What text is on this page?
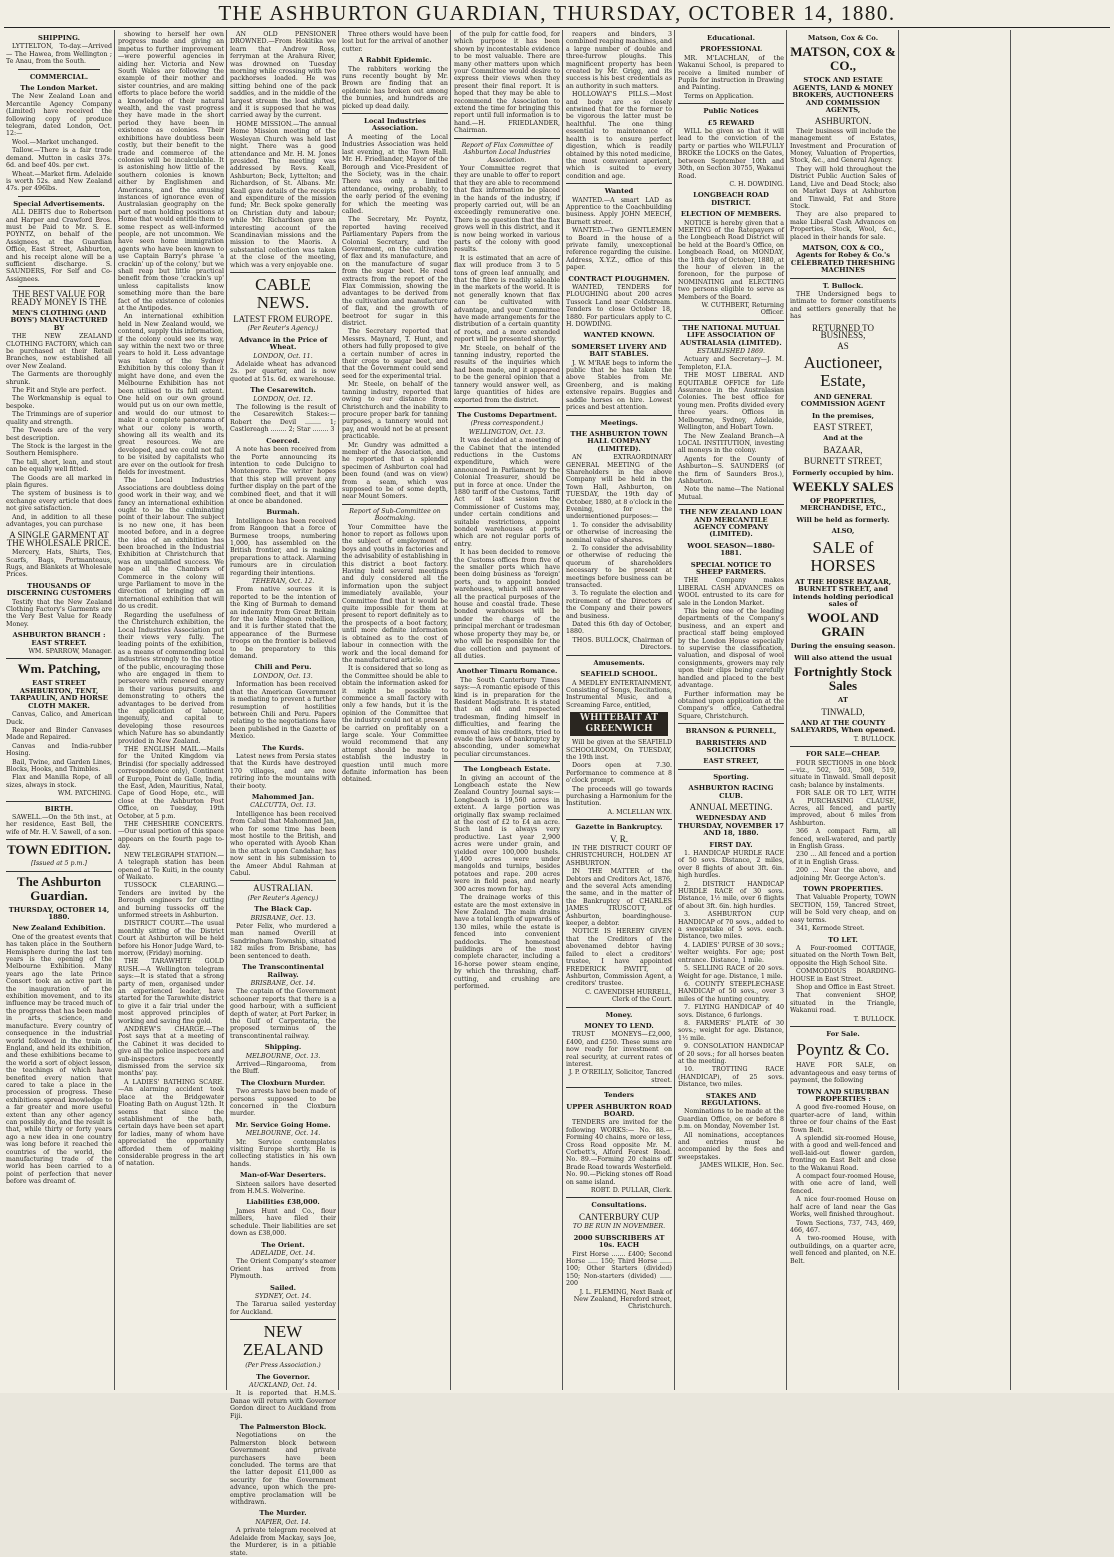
THE ASHBURTON GUARDIAN, THURSDAY, OCTOBER 14, 1880.
SHIPPING.

LYTTELTON, To-day.—Arrived — The Hawea, from Wellington ; Te Anau, from the South.

COMMERCIAL.
The London Market.

The New Zealand Loan and Mercantile Agency Company (Limited) have received the following copy of produce telegram, dated London, Oct. 12:—

Wool.—Market unchanged.

Tallow.—There is a fair trade demand. Mutton in casks 37s. 6d. and beef 40s. per cwt.

Wheat.—Market firm. Adelaide is worth 52s. and New Zealand 47s. per 496lbs.

Special Advertisements.

ALL DEBTS due to Robertson and Harper and Crawford Bros. must be Paid to Mr. S. E. POYNTZ, on behalf of the Assignees, at the Guardian Office, East Street, Ashburton, and his receipt alone will be a sufficient discharge. S. SAUNDERS, For Self and Co-Assignees.

THE BEST VALUE FOR READY MONEY IS THE
MEN'S CLOTHING (AND BOYS') MANUFACTURED BY

THE NEW ZEALAND CLOTHING FACTORY, which can be purchased at their Retail Branches, now established all over New Zealand.

The Garments are thoroughly shrunk.

The Fit and Style are perfect.

The Workmanship is equal to bespoke.

The Trimmings are of superior quality and strength.

The Tweeds are of the very best description.

The Stock is the largest in the Southern Hemisphere.

The tall, short, lean, and stout can be equally well fitted.

The Goods are all marked in plain figures.

The system of business is to exchange every article that does not give satisfaction.

And, in addition to all these advantages, you can purchase

A SINGLE GARMENT AT THE WHOLESALE PRICE.

Mercery, Hats, Shirts, Ties, Scarfs, Bags, Portmanteaus, Rugs, and Blankets at Wholesale Prices.

THOUSANDS OF DISCERNING CUSTOMERS

Testify that the New Zealand Clothing Factory's Garments are the Very Best Value for Ready Money.

ASHBURTON BRANCH : EAST STREET.
WM. SPARROW, Manager.
Wm. Patching,
EAST STREET ASHBURTON, TENT, TARPAULIN, AND HORSE CLOTH MAKER.

Canvas, Calico, and American Duck.

Reaper and Binder Canvases Made and Repaired.

Canvas and India-rubber Hosing.

Bail, Twine, and Garden Lines, Blocks, Hooks, and Thimbles.

Flax and Manilla Rope, of all sizes, always in stock.

WM. PATCHING.
BIRTH.

SAWELL.—On the 5th inst., at her residence, East Bell, the wife of Mr. H. V. Sawell, of a son.

TOWN EDITION.
[Issued at 5 p.m.]
The Ashburton Guardian.
THURSDAY, OCTOBER 14, 1880.
New Zealand Exhibition.

One of the greatest events that has taken place in the Southern Hemisphere during the last ten years is the opening of the Melbourne Exhibition. Many years ago the late Prince Consort took an active part in the inauguration of the exhibition movement, and to its influence may be traced much of the progress that has been made in arts, science, and manufacture. Every country of consequence in the industrial world followed in the train of England, and held its exhibition, and these exhibitions became to the world a sort of object lesson, the teachings of which have benefited every nation that cared to take a place in the procession of progress. These exhibitions spread knowledge to a far greater and more useful extent than any other agency can possibly do, and the result is that, while thirty or forty years ago a new idea in one country was long before it reached the countries of the world, the manufacturing trade of the world has been carried to a point of perfection that never before was dreamt of.

showing to herself her own progress made and giving an impetus to further improvement—were powerful agencies in aiding her. Victoria and New South Wales are following the example of their mother and sister countries, and are making efforts to place before the world a knowledge of their natural wealth, and the vast progress they have made in the short period they have been in existence as colonies. Their exhibitions have doubtless been costly, but their benefit to the trade and commerce of the colonies will be incalculable. It is astonishing how little of the southern colonies is known either by Englishmen and Americans, and the amusing instances of ignorance even of Australasian geography on the part of men holding positions at Home that would entitle them to some respect as well-informed people, are not uncommon. We have seen home immigration agents who have been known to use Captain Barry's phrase 'a crackin' up of the colony,' but we shall reap but little practical benefit from those 'crackin's up' unless capitalists know something more than the bare fact of the existence of colonies at the Antipodes.

An international exhibition held in New Zealand would, we contend, supply this information, if the colony could see its way, say within the next two or three years to hold it. Less advantage was taken of the Sydney Exhibition by this colony than it might have done, and even the Melbourne Exhibition has not been utilised to its full extent. One held on our own ground would put us on our own mettle, and would do our utmost to make it a complete panorama of what our colony is worth, showing all its wealth and its great resources. We are developed, and we could not fail to be visited by capitalists who are ever on the outlook for fresh fields for investment.

The Local Industries Associations are doubtless doing good work in their way, and we fancy an international exhibition ought to be the culminating point of their labour. The subject is no new one, it has been mooted before, and in a degree the idea of an exhibition has been broached in the Industrial Exhibition at Christchurch that was an unqualified success. We hope all the Chambers of Commerce in the colony will urge Parliament to move in the direction of bringing off an international exhibition that will do us credit.

Regarding the usefulness of the Christchurch exhibition, the Local Industries Association put their views very fully. The leading points of the exhibition, as a means of commending local industries strongly to the notice of the public, encouraging those who are engaged in them to persevere with renewed energy in their various pursuits, and demonstrating to others the advantages to be derived from the application of labour, ingenuity, and capital to developing those resources which Nature has so abundantly provided in New Zealand.

THE ENGLISH MAIL.—Mails for the United Kingdom via Brindisi (for specially addressed correspondence only), Continent of Europe, Point de Galle, India, the East, Aden, Mauritius, Natal, Cape of Good Hope, etc., will close at the Ashburton Post Office, on Tuesday, 19th October, at 5 p.m.

THE CHESHIRE CONCERTS.—Our usual portion of this space appears on the fourth page to-day.

NEW TELEGRAPH STATION.—A telegraph station has been opened at Te Kuiti, in the county of Waikato.

TUSSOCK CLEARING.—Tenders are invited by the Borough engineers for cutting and burning tussocks off the unformed streets in Ashburton.

DISTRICT COURT.—The usual monthly sitting of the District Court at Ashburton will be held before his Honor Judge Ward, to-morrow, (Friday) morning.

THE TARAWHITE GOLD RUSH.—A Wellington telegram says:—It is stated that a strong party of men, organised under an experienced leader, have started for the Tarawhite district to give it a fair trial under the most approved principles of working and saving fine gold.

ANDREW'S CHARGE.—The Post says that at a meeting of the Cabinet it was decided to give all the police inspectors and sub-inspectors recently dismissed from the service six months' pay.

A LADIES' BATHING SCARE.—An alarming accident took place at the Bridgewater Floating Bath on August 12th. It seems that since the establishment of the bath, certain days have been set apart for ladies, many of whom have appreciated the opportunity afforded them of making considerable progress in the art of natation.

AN OLD PENSIONER DROWNED.—From Hokitika we learn that Andrew Ross, ferryman at the Arahura River, was drowned on Tuesday morning while crossing with two packhorses loaded. He was sitting behind one of the pack saddles, and in the middle of the largest stream the load shifted, and it is supposed that he was carried away by the current.

HOME MISSION.—The annual Home Mission meeting of the Wesleyan Church was held last night. There was a good attendance and Mr. H. M. Jones presided. The meeting was addressed by Revs. Keall, Ashburton; Beck, Lyttelton; and Richardson, of St. Albans. Mr. Keall gave details of the receipts and expenditure of the mission fund; Mr. Beck spoke generally on Christian duty and labour; while Mr. Richardson gave an interesting account of the Scandinavian missions and the mission to the Maoris. A substantial collection was taken at the close of the meeting, which was a very enjoyable one.

CABLE NEWS.
LATEST FROM EUROPE.
(Per Reuter's Agency.)
Advance in the Price of Wheat.
LONDON, Oct. 11.

Adelaide wheat has advanced 2s. per quarter, and is now quoted at 51s. 6d. ex warehouse.

The Cesarewitch.
LONDON, Oct. 12.

The following is the result of the Cesarewitch Stakes:— Robert the Devil ........ 1; Castlereagh ........ 2; Star ........ 3

Coerced.

A note has been received from the Porte announcing its intention to cede Dulcigno to Montenegro. The writer hopes that this step will prevent any further display on the part of the combined fleet, and that it will at once be abandoned.

Burmah.

Intelligence has been received from Rangoon that a force of Burmese troops, numbering 1,000, has assembled on the British frontier, and is making preparations to attack. Alarming rumours are in circulation regarding their intentions.

TEHERAN, Oct. 12.

From native sources it is reported to be the intention of the King of Burmah to demand an indemnity from Great Britain for the late Mingoon rebellion, and it is further stated that the appearance of the Burmese troops on the frontier is believed to be preparatory to this demand.

Chili and Peru.
LONDON, Oct. 13.

Information has been received that the American Government is mediating to prevent a further resumption of hostilities between Chili and Peru. Papers relating to the negotiations have been published in the Gazette of Mexico.

The Kurds.

Latest news from Persia states that the Kurds have destroyed 170 villages, and are now retiring into the mountains with their booty.

Mahommed Jan.
CALCUTTA, Oct. 13.

Intelligence has been received from Cabul that Mahommed Jan, who for some time has been most hostile to the British, and who operated with Ayoob Khan in the attack upon Candahar, has now sent in his submission to the Ameer Abdul Rahman at Cabul.

AUSTRALIAN.
(Per Reuter's Agency.)
The Black Cap.
BRISBANE, Oct. 13.

Peter Felix, who murdered a man named Overill at Sandringham Township, situated 182 miles from Brisbane, has been sentenced to death.

The Transcontinental Railway.
BRISBANE, Oct. 14.

The captain of the Government schooner reports that there is a good harbour, with a sufficient depth of water, at Port Parker, in the Gulf of Carpentaria, the proposed terminus of the transcontinental railway.

Shipping.
MELBOURNE, Oct. 13.

Arrived—Ringarooma, from the Bluff.

The Cloxburn Murder.

Two arrests have been made of persons supposed to be concerned in the Cloxburn murder.

Mr. Service Going Home.
MELBOURNE, Oct. 14.

Mr. Service contemplates visiting Europe shortly. He is collecting statistics in his own hands.

Man-of-War Deserters.

Sixteen sailors have deserted from H.M.S. Wolverine.

Liabilities £38,000.

James Hunt and Co., flour millers, have filed their schedule. Their liabilities are set down as £38,000.

The Orient.
ADELAIDE, Oct. 14.

The Orient Company's steamer Orient has arrived from Plymouth.

Sailed.
SYDNEY, Oct. 14.

The Tararua sailed yesterday for Auckland.

NEW ZEALAND
(Per Press Association.)
The Governor.
AUCKLAND, Oct. 14.

It is reported that H.M.S. Danae will return with Governor Gordon direct to Auckland from Fiji.

The Palmerston Block.

Negotiations on the Palmerston block between Government and private purchasers have been concluded. The terms are that the latter deposit £11,000 as security for the Government advance, upon which the pre-emptive proclamation will be withdrawn.

The Murder.
NAPIER, Oct. 14.

A private telegram received at Adelaide from Mackay, says Joe, the Murderer, is in a pitiable state.

Three others would have been lost but for the arrival of another cutter.

A Rabbit Epidemic.

The rabbiters working the runs recently bought by Mr. Brown are finding that an epidemic has broken out among the bunnies, and hundreds are picked up dead daily.

Local Industries Association.

A meeting of the Local Industries Association was held last evening, at the Town Hall. Mr. H. Friedlander, Mayor of the Borough and Vice-President of the Society, was in the chair. There was only a limited attendance, owing, probably, to the early period of the evening for which the meeting was called.

The Secretary, Mr. Poyntz, reported having received Parliamentary Papers from the Colonial Secretary, and the Government, on the cultivation of flax and its manufacture, and on the manufacture of sugar from the sugar beet. He read extracts from the report of the Flax Commission, showing the advantages to be derived from the cultivation and manufacture of flax, and the growth of beetroot for sugar in this district.

The Secretary reported that Messrs. Maynard, T. Hunt, and others had fully proposed to give a certain number of acres in their crops to sugar beet, and that the Government could send seed for the experimental trial.

Mr. Steele, on behalf of the tanning industry, reported that owing to our distance from Christchurch and the inability to procure proper bark for tanning purposes, a tannery would not pay, and would not be at present practicable.

Mr. Gundry was admitted a member of the Association, and he reported that a splendid specimen of Ashburton coal had been found (and was on view) from a seam, which was supposed to be of some depth, near Mount Somers.

Report of Sub-Committee on Bootmaking.

Your Committee have the honor to report as follows upon the subject of employment of boys and youths in factories and the advisability of establishing in this district a boot factory. Having held several meetings and duly considered all the information upon the subject immediately available, your Committee find that it would be quite impossible for them at present to report definitely as to the prospects of a boot factory, until more definite information is obtained as to the cost of labour in connection with the work and the local demand for the manufactured article.

It is considered that so long as the Committee should be able to obtain the information asked for it might be possible to commence a small factory with only a few hands, but it is the opinion of the Committee that the industry could not at present be carried on profitably on a large scale. Your Committee would recommend that any attempt should be made to establish the industry in question until much more definite information has been obtained.

of the pulp for cattle food, for which purpose it has been shown by incontestable evidence to be most valuable. There are many other matters upon which your Committee would desire to express their views when they present their final report. It is hoped that they may be able to recommend the Association to extend the time for bringing this report until full information is to hand.—H. FRIEDLANDER, Chairman.

Report of Flax Committee of Ashburton Local Industries Association.

Your Committee regret that they are unable to offer to report that they are able to recommend that flax information be placed in the hands of the industry, if properly carried out, will be an exceedingly remunerative one. There is no question that the flax grows well in this district, and it is now being worked in various parts of the colony with good results.

It is estimated that an acre of flax will produce from 3 to 5 tons of green leaf annually, and that the fibre is readily saleable in the markets of the world. It is not generally known that flax can be cultivated with advantage, and your Committee have made arrangements for the distribution of a certain quantity of roots, and a more extended report will be presented shortly.

Mr. Steele, on behalf of the tanning industry, reported the results of the inquiries which had been made, and it appeared to be the general opinion that a tannery would answer well, as large quantities of hides are exported from the district.

The Customs Department.
(Press correspondent.)
WELLINGTON, Oct. 13.

It was decided at a meeting of the Cabinet that the intended reductions in the Customs expenditure, which were announced in Parliament by the Colonial Treasurer, should be put in force at once. Under the 1880 tariff of the Customs, Tariff Act of last session the Commissioner of Customs may, under certain conditions and suitable restrictions, appoint bonded warehouses at ports which are not regular ports of entry.

It has been decided to remove the Customs offices from five of the smaller ports which have been doing business as 'foreign' ports, and to appoint bonded warehouses, which will answer all the practical purposes of the house and coastal trade. These bonded warehouses will be under the charge of the principal merchant or tradesman whose property they may be, or who will be responsible for the due collection and payment of all duties.

Another Timaru Romance.

The South Canterbury Times says:—A romantic episode of this kind is in preparation for the Resident Magistrate. It is stated that an old and respected tradesman, finding himself in difficulties, and fearing the removal of his creditors, tried to evade the laws of bankruptcy by absconding, under somewhat peculiar circumstances.

The Longbeach Estate.

In giving an account of the Longbeach estate the New Zealand Country Journal says:—Longbeach is 19,560 acres in extent. A large portion was originally flax swamp reclaimed at the cost of £2 to £4 an acre. Such land is always very productive. Last year 2,900 acres were under grain, and yielded over 100,000 bushels. 1,400 acres were under mangolds and turnips, besides potatoes and rape. 200 acres were in field peas, and nearly 300 acres mown for hay.

The drainage works of this estate are the most extensive in New Zealand. The main drains have a total length of upwards of 130 miles, while the estate is fenced into convenient paddocks. The homestead buildings are of the most complete character, including a 16-horse power steam engine, by which the thrashing, chaff-cutting, and crushing are performed.

reapers and binders, 3 combined reaping machines, and a large number of double and three-furrow ploughs. This magnificent property has been created by Mr. Grigg, and its success is his best credentials as an authority in such matters.

HOLLOWAY'S PILLS.—Most and body are so closely entwined that for the former to be vigorous the latter must be healthful. The one thing essential to maintenance of health is to ensure perfect digestion, which is readily obtained by this noted medicine, the most convenient aperient, which is suited to every condition and age.

Wanted

WANTED.—A smart LAD as Apprentice to the Coachbuilding business. Apply JOHN MEECH, Burnett street.

WANTED.—Two GENTLEMEN to Board in the house of a private family, unexceptional reference regarding the cuisine. Address, X.Y.Z., office of this paper.

CONTRACT PLOUGHMEN.

WANTED, TENDERS for PLOUGHING about 200 acres Tussock Land near Coldstream. Tenders to close October 18, 1880. For particulars apply to C. H. DOWDING.

WANTED KNOWN.
SOMERSET LIVERY AND BAIT STABLES.

J. W. M'RAE begs to inform the public that he has taken the above Stables from Mr. Greenberg, and is making extensive repairs. Buggies and saddle horses on hire. Lowest prices and best attention.

Meetings.
THE ASHBURTON TOWN HALL COMPANY (LIMITED).

AN EXTRAORDINARY GENERAL MEETING of the Shareholders in the above Company will be held in the Town Hall, Ashburton, on TUESDAY, the 19th day of October, 1880, at 8 o'clock in the Evening, for the undermentioned purposes:—

1. To consider the advisability or otherwise of increasing the nominal value of shares.

2. To consider the advisability or otherwise of reducing the quorum of shareholders necessary to be present at meetings before business can be transacted.

3. To regulate the election and retirement of the Directors of the Company and their powers and business.

Dated this 6th day of October, 1880.

THOS. BULLOCK, Chairman of Directors.
Amusements.
SEAFIELD SCHOOL.

A MEDLEY ENTERTAINMENT, Consisting of Songs, Recitations, Instrumental Music, and a Screaming Farce, entitled,

WHITEBAIT AT GREENWICH

Will be given at the SEAFIELD SCHOOLROOM, On TUESDAY, the 19th inst.

Doors open at 7.30. Performance to commence at 8 o'clock prompt.

The proceeds will go towards purchasing a Harmonium for the Institution.

A. MCLELLAN WIX.
Gazette in Bankruptcy.
V. R.

IN THE DISTRICT COURT OF CHRISTCHURCH, HOLDEN AT ASHBURTON.

IN THE MATTER of the Debtors and Creditors Act, 1876, and the several Acts amending the same, and in the matter of the Bankruptcy of CHARLES JAMES TRUSCOTT, of Ashburton, boardinghouse-keeper, a debtor.

NOTICE IS HEREBY GIVEN that the Creditors of the abovenamed debtor having failed to elect a creditors' trustee, I have appointed FREDERICK PAVITT, of Ashburton, Commission Agent, a creditors' trustee.

C. CAVENDISH HURRELL, Clerk of the Court.
Money.
MONEY TO LEND.

TRUST MONEYS—£2,000, £400, and £250. These sums are now ready for investment on real security, at current rates of interest.

J. P. O'REILLY, Solicitor, Tancred street.
Tenders
UPPER ASHBURTON ROAD BOARD.

TENDERS are invited for the following WORKS:— No. 88.—Forming 40 chains, more or less, Cross Road opposite Mr. M. Corbett's, Alford Forest Road. No. 89.—Forming 20 chains off Brade Road towards Westerfield. No. 90.—Picking stones off Road on same island.

ROBT. D. PULLAR, Clerk.
Consultations.
CANTERBURY CUP
TO BE RUN IN NOVEMBER.
2000 SUBSCRIBERS AT 10s. EACH

First Horse ....... £400; Second Horse ..... 150; Third Horse ...... 100; Other Starters (divided) 150; Non-starters (divided) ...... 200

J. L. FLEMING, Next Bank of New Zealand, Hereford street, Christchurch.
Educational.
PROFESSIONAL

MR. M'LACHLAN, of the Wakanui School, is prepared to receive a limited number of Pupils for instruction in Drawing and Painting.

Terms on Application.

Public Notices
£5 REWARD

WILL be given so that it will lead to the conviction of the party or parties who WILFULLY BROKE the LOCKS on the Gates, between September 10th and 30th, on Section 30755, Wakanui Road.

C. H. DOWDING.
LONGBEACH ROAD DISTRICT.
ELECTION OF MEMBERS.

NOTICE is hereby given that a MEETING of the Ratepayers of the Longbeach Road District will be held at the Board's Office, on Longbeach Road, on MONDAY, the 18th day of October, 1880, at the hour of eleven in the forenoon, for the purpose of NOMINATING and ELECTING two persons eligible to serve as Members of the Board.

W. CUTHBERT, Returning Officer.
THE NATIONAL MUTUAL LIFE ASSOCIATION OF AUSTRALASIA (LIMITED).
ESTABLISHED 1869.

Actuary and Secretary—J. M. Templeton, F.I.A.

THE MOST LIBERAL AND EQUITABLE OFFICE for Life Assurance in the Australasian Colonies. The best office for young men. Profits divided every three years. Offices in Melbourne, Sydney, Adelaide, Wellington, and Hobart Town.

The New Zealand Branch—A LOCAL INSTITUTION, investing all moneys in the colony.

Agents for the County of Ashburton—S. SAUNDERS (of the firm of Saunders Bros.), Ashburton.

Note the name—The National Mutual.

THE NEW ZEALAND LOAN AND MERCANTILE AGENCY COMPANY (LIMITED).
WOOL SEASON—1880-1881.
SPECIAL NOTICE TO SHEEP FARMERS.

THE Company makes LIBERAL CASH ADVANCES on WOOL entrusted to its care for sale in the London Market.

This being one of the leading departments of the Company's business, and an expert and practical staff being employed by the London House especially to supervise the classification, valuation, and disposal of wool consignments, growers may rely upon their clips being carefully handled and placed to the best advantage.

Further information may be obtained upon application at the Company's office, Cathedral Square, Christchurch.

BRANSON & PURNELL,
BARRISTERS AND SOLICITORS
EAST STREET,
Sporting.
ASHBURTON RACING CLUB.
ANNUAL MEETING.
WEDNESDAY AND THURSDAY, NOVEMBER 17 AND 18, 1880.
FIRST DAY.

1. HANDICAP HURDLE RACE of 50 sovs. Distance, 2 miles, over 8 flights of about 3ft. 6in. high hurdles.

2. DISTRICT HANDICAP HURDLE RACE of 30 sovs. Distance, 1½ mile, over 6 flights of about 3ft. 6in. high hurdles.

3. ASHBURTON CUP HANDICAP of 70 sovs., added to a sweepstake of 5 sovs. each. Distance, two miles.

4. LADIES' PURSE of 30 sovs.; welter weights. For age; post entrance. Distance, 1 mile.

5. SELLING RACE of 20 sovs. Weight for age. Distance, 1 mile.

6. COUNTY STEEPLECHASE HANDICAP of 50 sovs., over 3 miles of the hunting country.

7. FLYING HANDICAP of 40 sovs. Distance, 6 furlongs.

8. FARMERS' PLATE of 30 sovs.; weight for age. Distance, 1½ mile.

9. CONSOLATION HANDICAP of 20 sovs.; for all horses beaten at the meeting.

10. TROTTING RACE (HANDICAP), of 25 sovs. Distance, two miles.

STAKES AND REGULATIONS.

Nominations to be made at the Guardian Office, on or before 8 p.m. on Monday, November 1st.

All nominations, acceptances and entries must be accompanied by the fees and sweepstakes.

JAMES WILKIE, Hon. Sec.
Matson, Cox & Co.
MATSON, COX & CO.,
STOCK AND ESTATE AGENTS, LAND & MONEY BROKERS, AUCTIONEERS AND COMMISSION AGENTS,
ASHBURTON.

Their business will include the management of Estates, Investment and Procuration of Money, Valuation of Properties, Stock, &c., and General Agency.

They will hold throughout the District Public Auction Sales of Land, Live and Dead Stock; also on Market Days at Ashburton and Tinwald, Fat and Store Stock.

They are also prepared to make Liberal Cash Advances on Properties, Stock, Wool, &c., placed in their hands for sale.

MATSON, COX & CO., Agents for Robey & Co.'s CELEBRATED THRESHING MACHINES
T. Bullock.

THE Undersigned begs to intimate to former constituents and settlers generally that he has

RETURNED TO BUSINESS,
AS
Auctioneer, Estate,
AND GENERAL COMMISSION AGENT
In the premises,
EAST STREET,
And at the
BAZAAR,
BURNETT STREET,
Formerly occupied by him.
WEEKLY SALES
OF PROPERTIES, MERCHANDISE, ETC.,
Will be held as formerly.
ALSO,
SALE of HORSES
AT THE HORSE BAZAAR, BURNETT STREET, and intends holding periodical sales of
WOOL AND GRAIN
During the ensuing season.
Will also attend the usual
Fortnightly Stock Sales
AT
TINWALD,
AND AT THE COUNTY SALEYARDS, When opened.
T. BULLOCK.
FOR SALE—CHEAP.

FOUR SECTIONS in one block—viz., 502, 503, 508, 519, situate in Tinwald. Small deposit cash; balance by instalments.

FOR SALE OR TO LET, WITH A PURCHASING CLAUSE, Acres, all fenced, and partly improved, about 6 miles from Ashburton.

366 A compact Farm, all fenced, well-watered, and partly in English Grass.

230 ... All fenced and a portion of it in English Grass.

200 ... Near the above, and adjoining Mr. George Acton's.

TOWN PROPERTIES.

That Valuable Property, TOWN SECTION, 159, Tancred Street, will be Sold very cheap, and on easy terms.

341, Kermode Street.

TO LET.

A Four-roomed COTTAGE, situated on the North Town Belt, opposite the High School Site.

COMMODIOUS BOARDING-HOUSE in East Street.

Shop and Office in East Street.

That convenient SHOP, situated in the Triangle, Wakanui road.

T. BULLOCK.
For Sale.
Poyntz & Co.

HAVE FOR SALE, on advantageous and easy terms of payment, the following

TOWN AND SUBURBAN PROPERTIES :

A good five-roomed House, on quarter-acre of land, within three or four chains of the East Town Belt.

A splendid six-roomed House, with a good and well-fenced and well-laid-out flower garden, fronting on East Belt and close to the Wakanui Road.

A compact four-roomed House, with one acre of land, well fenced.

A nice four-roomed House on half acre of land near the Gas Works, well finished throughout.

Town Sections, 737, 743, 469, 466, 467.

A two-roomed House, with outbuildings, on a quarter acre, well fenced and planted, on N.E. Belt.
